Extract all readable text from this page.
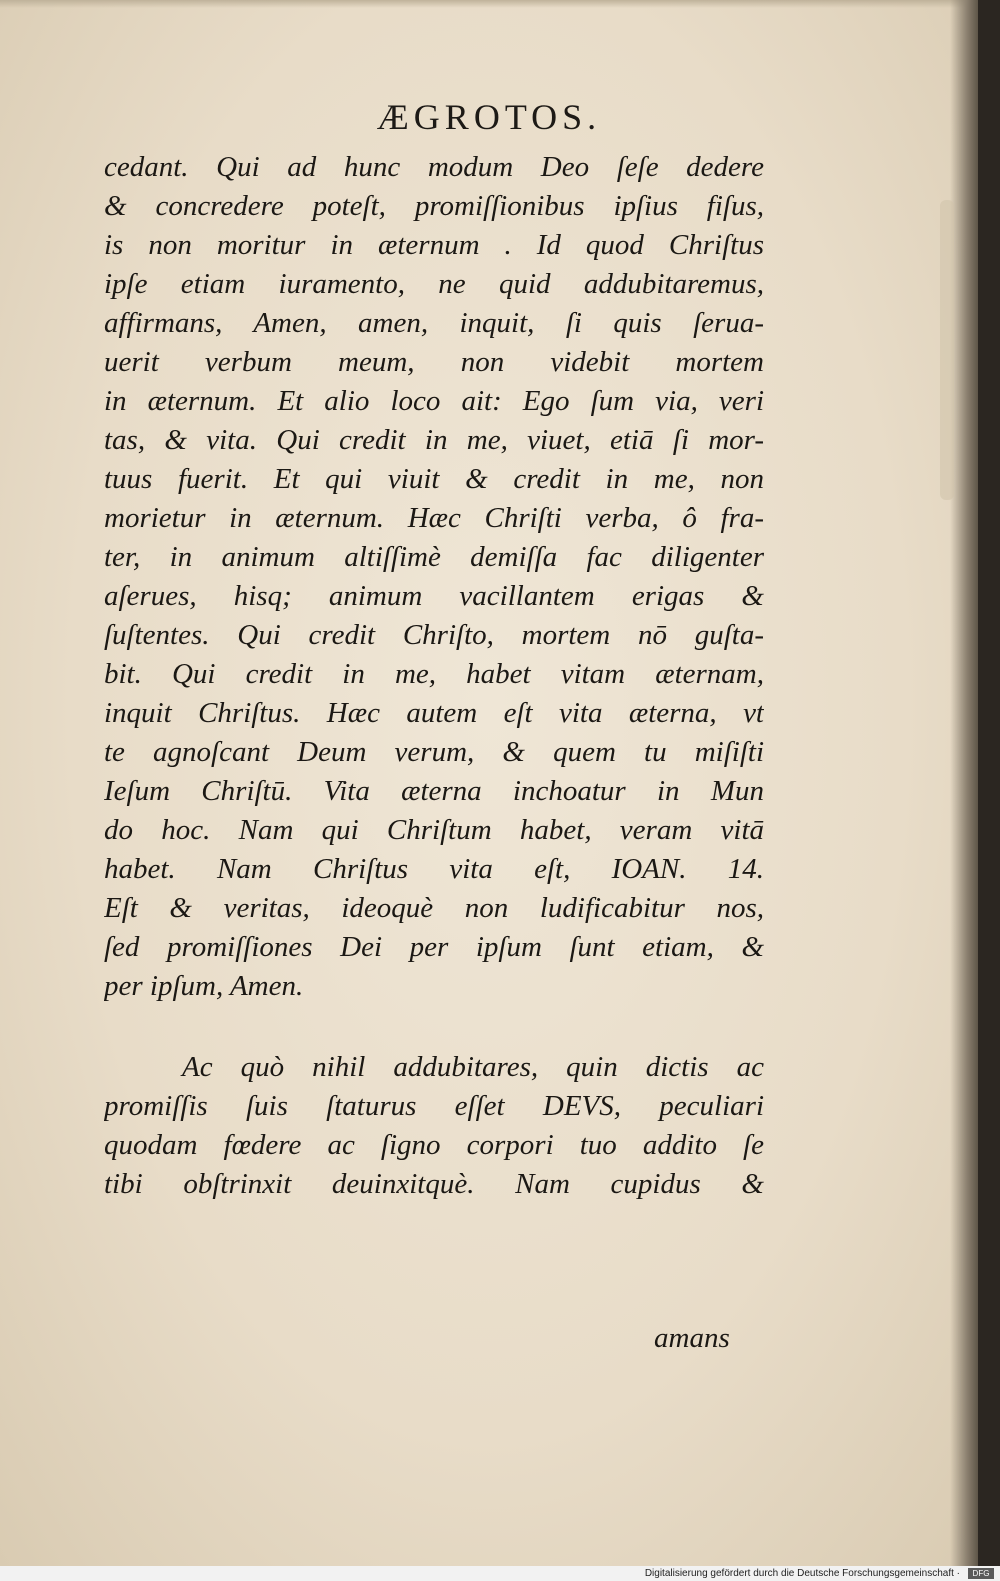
ÆGROTOS.
cedant. Qui ad hunc modum Deo ſeſe dedere
& concredere poteſt, promiſſionibus ipſius fiſus,
is non moritur in æternum . Id quod Chriſtus
ipſe etiam iuramento, ne quid addubitaremus,
affirmans, Amen, amen, inquit, ſi quis ſerua-
uerit verbum meum, non videbit mortem
in æternum. Et alio loco ait: Ego ſum via, veri
tas, & vita. Qui credit in me, viuet, etiā ſi mor-
tuus fuerit. Et qui viuit & credit in me, non
morietur in æternum. Hæc Chriſti verba, ô fra-
ter, in animum altiſſimè demiſſa fac diligenter
aſerues, hisq; animum vacillantem erigas &
ſuſtentes. Qui credit Chriſto, mortem nō guſta-
bit. Qui credit in me, habet vitam æternam,
inquit Chriſtus. Hæc autem eſt vita æterna, vt
te agnoſcant Deum verum, & quem tu miſiſti
Ieſum Chriſtū. Vita æterna inchoatur in Mun
do hoc. Nam qui Chriſtum habet, veram vitā
habet. Nam Chriſtus vita eſt, IOAN. 14.
Eſt & veritas, ideoquè non ludificabitur nos,
ſed promiſſiones Dei per ipſum ſunt etiam, &
per ipſum, Amen.
Ac quò nihil addubitares, quin dictis ac
promiſſis ſuis ſtaturus eſſet DEVS, peculiari
quodam fœdere ac ſigno corpori tuo addito ſe
tibi obſtrinxit deuinxitquè. Nam cupidus &
amans
Digitalisierung gefördert durch die Deutsche Forschungsgemeinschaft ·	DFG
